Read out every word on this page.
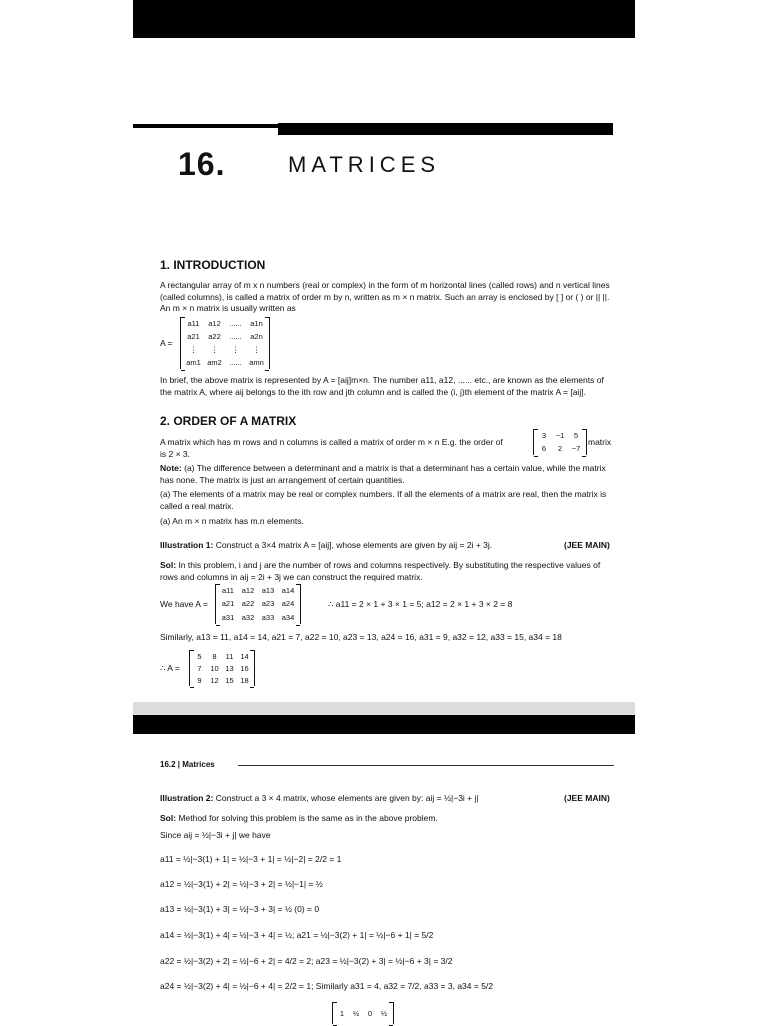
16.	MATRICES
1. INTRODUCTION
A rectangular array of m x n numbers (real or complex) in the form of m horizontal lines (called rows) and n vertical lines (called columns), is called a matrix of order m by n, written as m × n matrix. Such an array is enclosed by [ ] or ( ) or || ||. An m × n matrix is usually written as
A =
a11	a12	......	a1n
a21	a22	......	a2n
⋮	⋮	⋮	⋮
am1 am2 ...... amn
In brief, the above matrix is represented by A = [aij]m×n. The number a11, a12, ...... etc., are known as the elements of the matrix A, where aij belongs to the ith row and jth column and is called the (i, j)th element of the matrix A = [aij].
2. ORDER OF A MATRIX
A matrix which has m rows and n columns is called a matrix of order m × n E.g. the order of
3	−1	5
6	2	−7
matrix
is 2 × 3.
Note: (a) The difference between a determinant and a matrix is that a determinant has a certain value, while the matrix has none. The matrix is just an arrangement of certain quantities.
(a) The elements of a matrix may be real or complex numbers. If all the elements of a matrix are real, then the matrix is called a real matrix.
(a) An m × n matrix has m.n elements.
Illustration 1: Construct a 3×4 matrix A = [aij], whose elements are given by aij = 2i + 3j.	(JEE MAIN)
Sol: In this problem, i and j are the number of rows and columns respectively. By substituting the respective values of rows and columns in aij = 2i + 3j we can construct the required matrix.
We have A =
a11	a12 a13 a14
a21 a22 a23 a24
a31 a32 a33 a34
∴ a11 = 2 × 1 + 3 × 1 = 5; a12 = 2 × 1 + 3 × 2 = 8
Similarly, a13 = 11, a14 = 14, a21 = 7, a22 = 10, a23 = 13, a24 = 16, a31 = 9, a32 = 12, a33 = 15, a34 = 18
∴ A =
5	8	11 14
7	10 13 16
9	12 15 18
16.2 | Matrices
Illustration 2: Construct a 3 × 4 matrix, whose elements are given by: aij = ½|−3i + j|	(JEE MAIN)
Sol: Method for solving this problem is the same as in the above problem.
Since aij = ½|−3i + j| we have
a11 = ½|−3(1) + 1| = ½|−3 + 1| = ½|−2| = 2/2 = 1
a12 = ½|−3(1) + 2| = ½|−3 + 2| = ½|−1| = ½
a13 = ½|−3(1) + 3| = ½|−3 + 3| = ½ (0) = 0
a14 = ½|−3(1) + 4| = ½|−3 + 4| = ½; a21 = ½|−3(2) + 1| = ½|−6 + 1| = 5/2
a22 = ½|−3(2) + 2| = ½|−6 + 2| = 4/2 = 2; a23 = ½|−3(2) + 3| = ½|−6 + 3| = 3/2
a24 = ½|−3(2) + 4| = ½|−6 + 4| = 2/2 = 1; Similarly a31 = 4, a32 = 7/2, a33 = 3, a34 = 5/2
1	½	0	½
